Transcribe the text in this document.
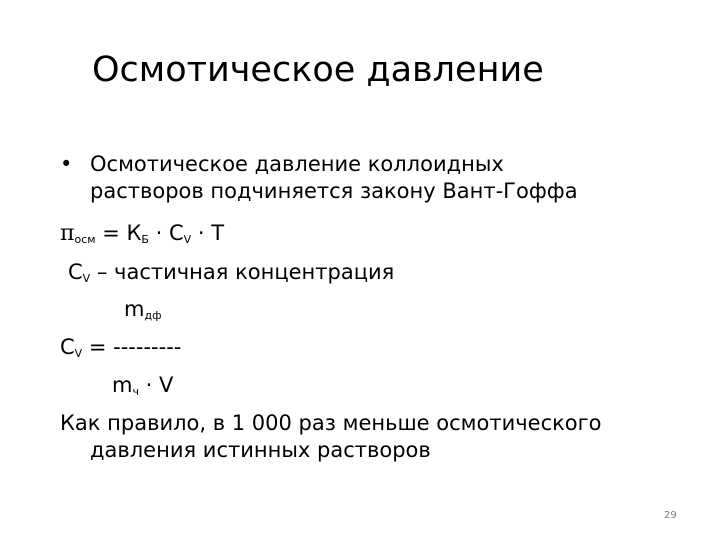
Осмотическое давление
• Осмотическое давление коллоидных
растворов подчиняется закону Вант-Гоффа
$\pi_{осм} = К_Б \cdot С_V \cdot Т$
$С_V$ – частичная концентрация
$m_{дф}$
$С_V$ = ---------
$m_ч \cdot V$
Как правило, в 1 000 раз меньше осмотического
давления истинных растворов
29
